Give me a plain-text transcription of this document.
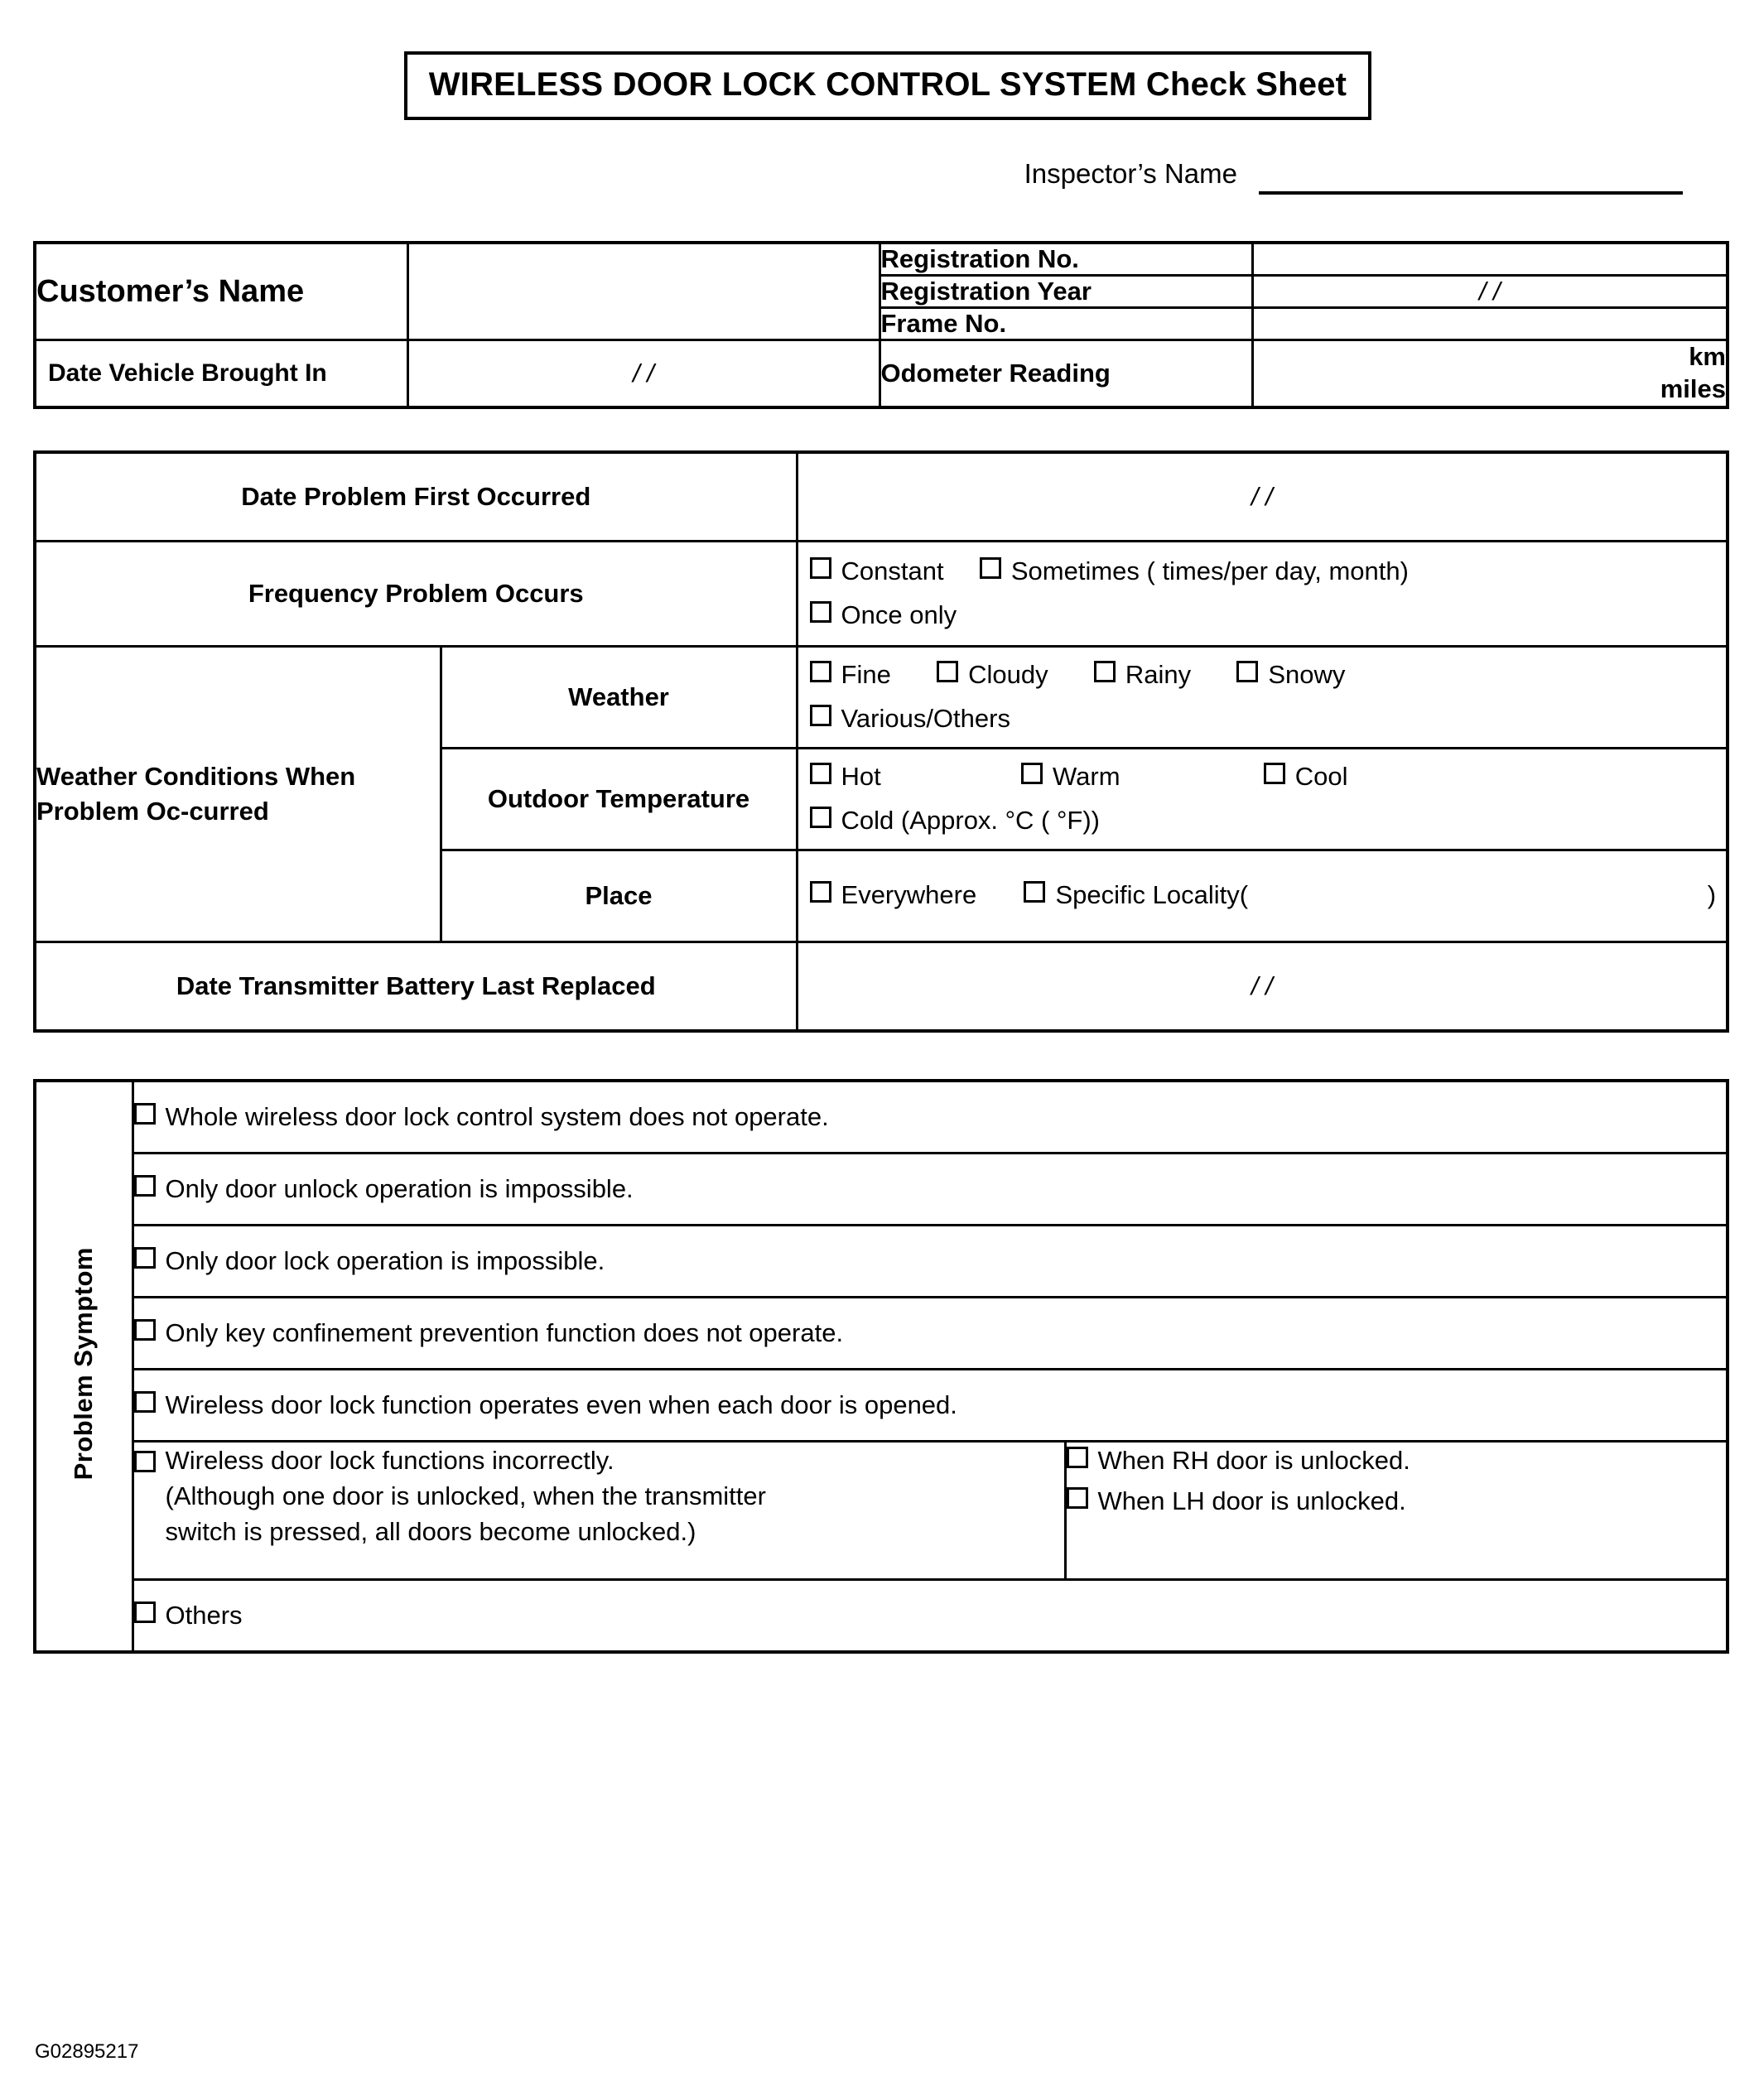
WIRELESS DOOR LOCK CONTROL SYSTEM Check Sheet
Inspector’s Name
Customer’s Name		Registration No.	
		Registration Year	/ /
		Frame No.	
Date Vehicle Brought In	/ /	Odometer Reading	km
miles
Date Problem First Occurred		/ /
Frequency Problem Occurs		Constant Sometimes ( times/per day, month)
Once only

Weather Conditions When Problem Oc-curred	Weather	Fine Cloudy Rainy Snowy
Various/Others

	Outdoor Temperature	Hot Warm Cool
Cold (Approx. °C ( °F))

	Place	Everywhere Specific Locality( )

Date Transmitter Battery Last Replaced		/ /
Problem Symptom	Whole wireless door lock control system does not operate.	
	Only door unlock operation is impossible.	
	Only door lock operation is impossible.	
	Only key confinement prevention function does not operate.	
	Wireless door lock function operates even when each door is opened.	

Wireless door lock functions incorrectly.
(Although one door is unlocked, when the transmitter
switch is pressed, all doors become unlocked.)

When RH door is unlocked.
When LH door is unlocked.

	Others	
G02895217
